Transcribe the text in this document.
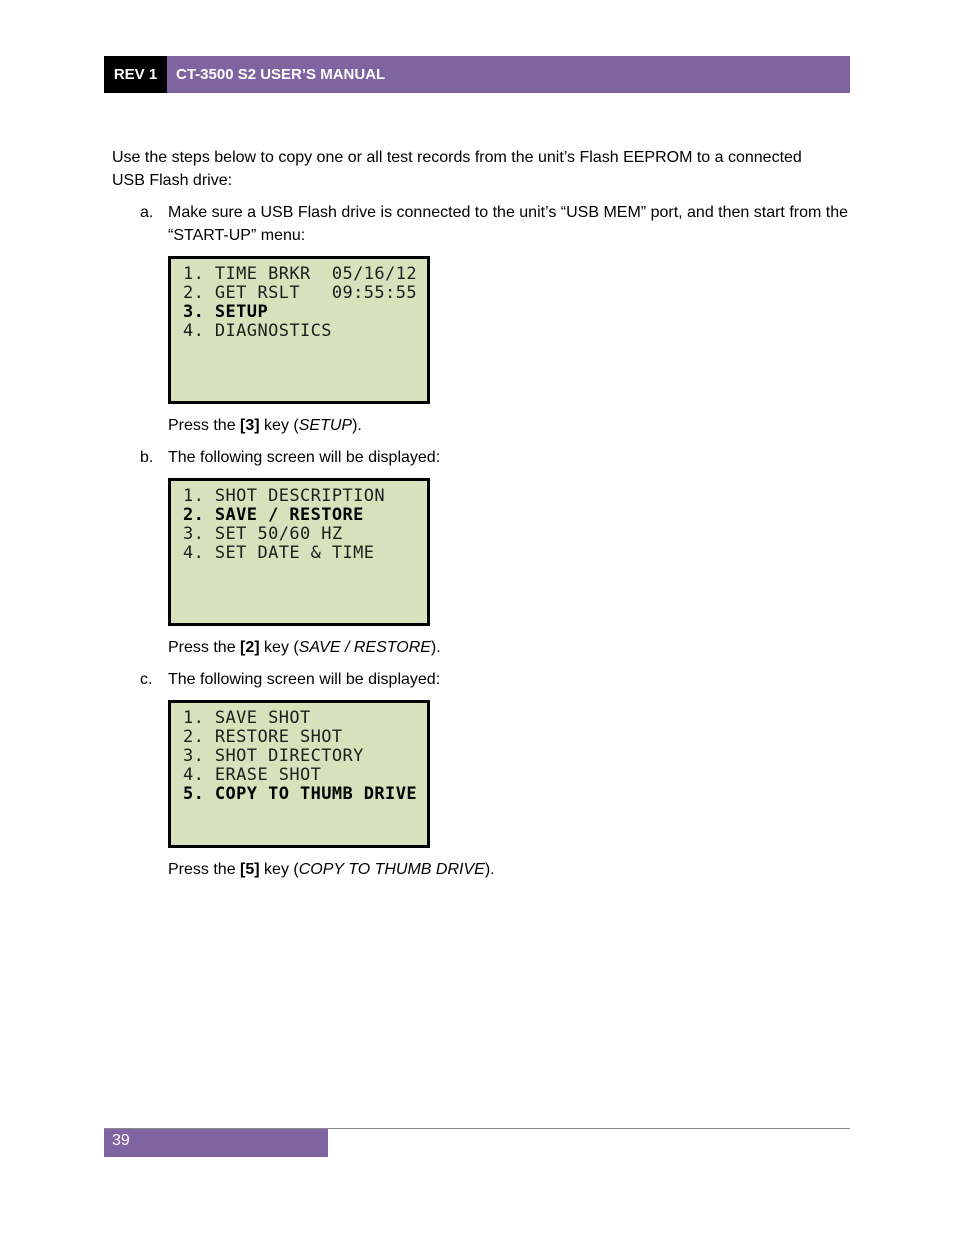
REV 1	CT-3500 S2 USER’S MANUAL
Use the steps below to copy one or all test records from the unit’s Flash EEPROM to a connected USB Flash drive:
a. Make sure a USB Flash drive is connected to the unit’s “USB MEM” port, and then start from the “START-UP” menu:
1. TIME BRKR  05/16/12
2. GET RSLT   09:55:55
3. SETUP
4. DIAGNOSTICS
Press the [3] key (SETUP).
b. The following screen will be displayed:
1. SHOT DESCRIPTION
2. SAVE / RESTORE
3. SET 50/60 HZ
4. SET DATE & TIME
Press the [2] key (SAVE / RESTORE).
c. The following screen will be displayed:
1. SAVE SHOT
2. RESTORE SHOT
3. SHOT DIRECTORY
4. ERASE SHOT
5. COPY TO THUMB DRIVE
Press the [5] key (COPY TO THUMB DRIVE).
39
